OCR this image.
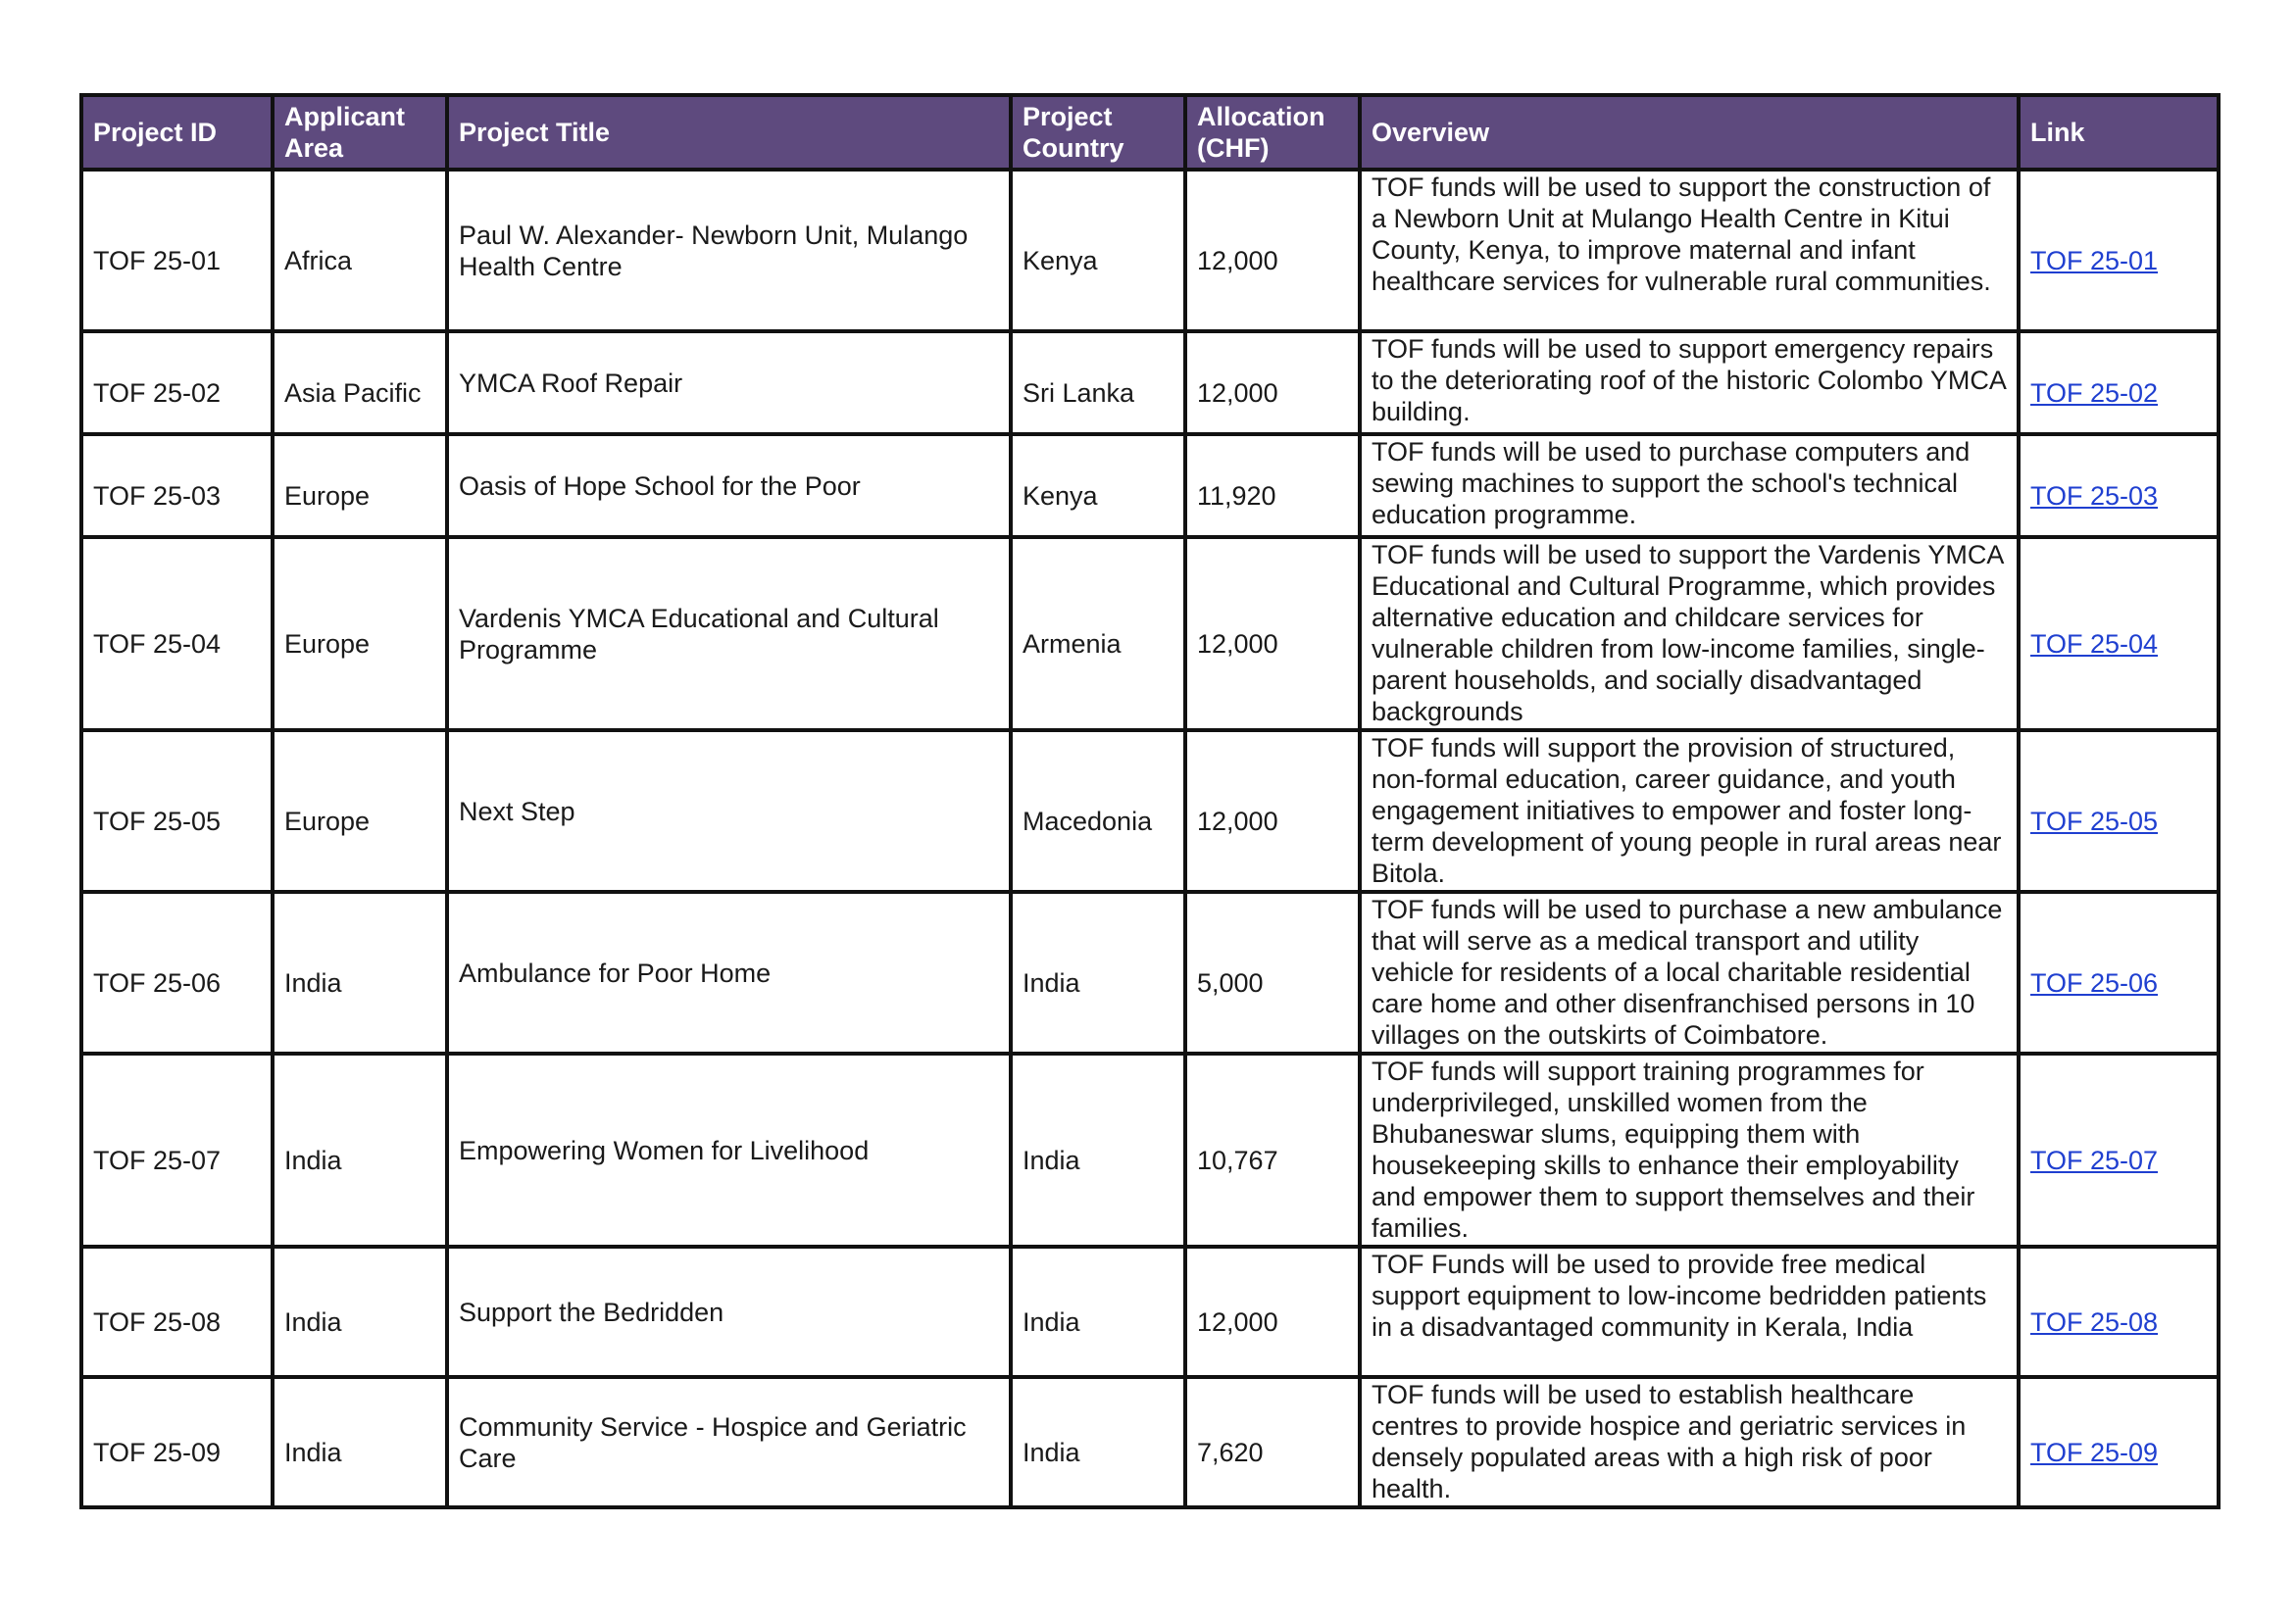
Project ID	Applicant Area	Project Title	Project Country	Allocation (CHF)	Overview	Link
TOF 25-01	Africa	Paul W. Alexander- Newborn Unit, Mulango Health Centre	Kenya	12,000	TOF funds will be used to support the construction of a Newborn Unit at Mulango Health Centre in Kitui County, Kenya, to improve maternal and infant healthcare services for vulnerable rural communities.	TOF 25-01
TOF 25-02	Asia Pacific	YMCA Roof Repair	Sri Lanka	12,000	TOF funds will be used to support emergency repairs to the deteriorating roof of the historic Colombo YMCA building.	TOF 25-02
TOF 25-03	Europe	Oasis of Hope School for the Poor	Kenya	11,920	TOF funds will be used to purchase computers and sewing machines to support the school's technical education programme.	TOF 25-03
TOF 25-04	Europe	Vardenis YMCA Educational and Cultural Programme	Armenia	12,000	TOF funds will be used to support the Vardenis YMCA Educational and Cultural Programme, which provides alternative education and childcare services for vulnerable children from low-income families, single-parent households, and socially disadvantaged backgrounds	TOF 25-04
TOF 25-05	Europe	Next Step	Macedonia	12,000	TOF funds will support the provision of structured, non-formal education, career guidance, and youth engagement initiatives to empower and foster long-term development of young people in rural areas near Bitola.	TOF 25-05
TOF 25-06	India	Ambulance for Poor Home	India	5,000	TOF funds will be used to purchase a new ambulance that will serve as a medical transport and utility vehicle for residents of a local charitable residential care home and other disenfranchised persons in 10 villages on the outskirts of Coimbatore.	TOF 25-06
TOF 25-07	India	Empowering Women for Livelihood	India	10,767	TOF funds will support training programmes for underprivileged, unskilled women from the Bhubaneswar slums, equipping them with housekeeping skills to enhance their employability and empower them to support themselves and their families.	TOF 25-07
TOF 25-08	India	Support the Bedridden	India	12,000	TOF Funds will be used to provide free medical support equipment to low-income bedridden patients in a disadvantaged community in Kerala, India	TOF 25-08
TOF 25-09	India	Community Service - Hospice and Geriatric Care	India	7,620	TOF funds will be used to establish healthcare centres to provide hospice and geriatric services in densely populated areas with a high risk of poor health.	TOF 25-09
